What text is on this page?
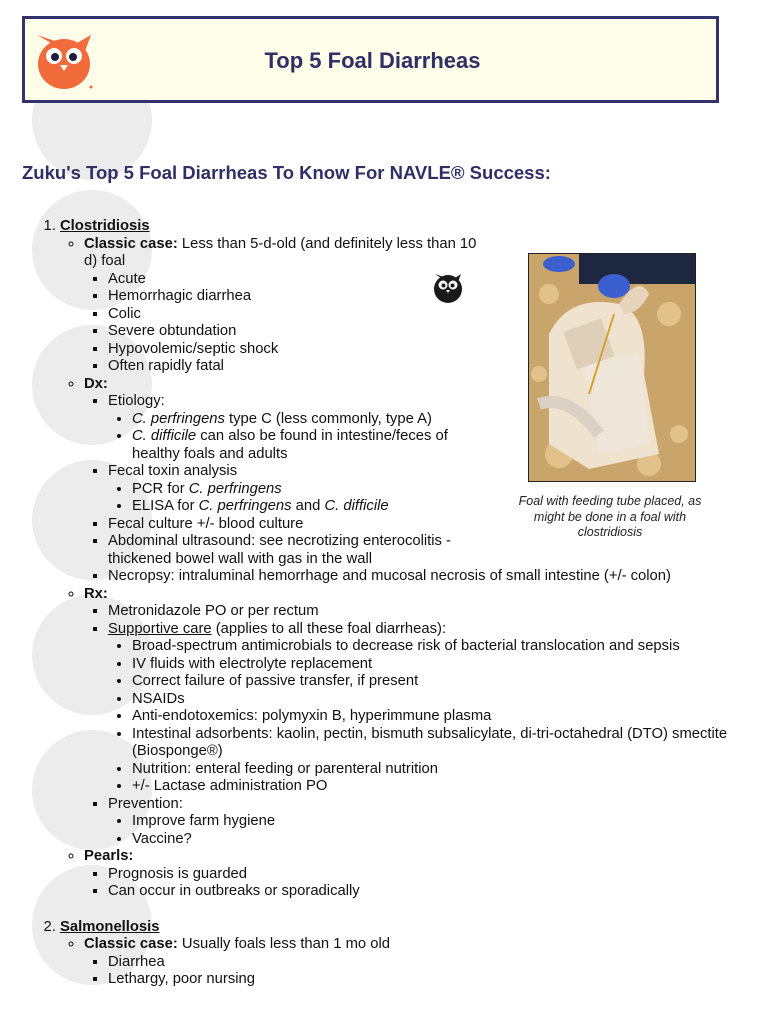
Top 5 Foal Diarrheas
Zuku's Top 5 Foal Diarrheas To Know For NAVLE® Success:
Foal with feeding tube placed, as might be done in a foal with clostridiosis
1. Clostridiosis
◦ Classic case: Less than 5-d-old (and definitely less than 10 d) foal
▪ Acute
▪ Hemorrhagic diarrhea
▪ Colic
▪ Severe obtundation
▪ Hypovolemic/septic shock
▪ Often rapidly fatal
◦ Dx:
▪ Etiology:
• C. perfringens type C (less commonly, type A)
• C. difficile can also be found in intestine/feces of healthy foals and adults
▪ Fecal toxin analysis
• PCR for C. perfringens
• ELISA for C. perfringens and C. difficile
▪ Fecal culture +/- blood culture
▪ Abdominal ultrasound: see necrotizing enterocolitis - thickened bowel wall with gas in the wall
▪ Necropsy: intraluminal hemorrhage and mucosal necrosis of small intestine (+/- colon)
◦ Rx:
▪ Metronidazole PO or per rectum
▪ Supportive care (applies to all these foal diarrheas):
• Broad-spectrum antimicrobials to decrease risk of bacterial translocation and sepsis
• IV fluids with electrolyte replacement
• Correct failure of passive transfer, if present
• NSAIDs
• Anti-endotoxemics: polymyxin B, hyperimmune plasma
• Intestinal adsorbents: kaolin, pectin, bismuth subsalicylate, di-tri-octahedral (DTO) smectite (Biosponge®)
• Nutrition: enteral feeding or parenteral nutrition
• +/- Lactase administration PO
▪ Prevention:
• Improve farm hygiene
• Vaccine?
◦ Pearls:
▪ Prognosis is guarded
▪ Can occur in outbreaks or sporadically
2. Salmonellosis
◦ Classic case: Usually foals less than 1 mo old
▪ Diarrhea
▪ Lethargy, poor nursing
